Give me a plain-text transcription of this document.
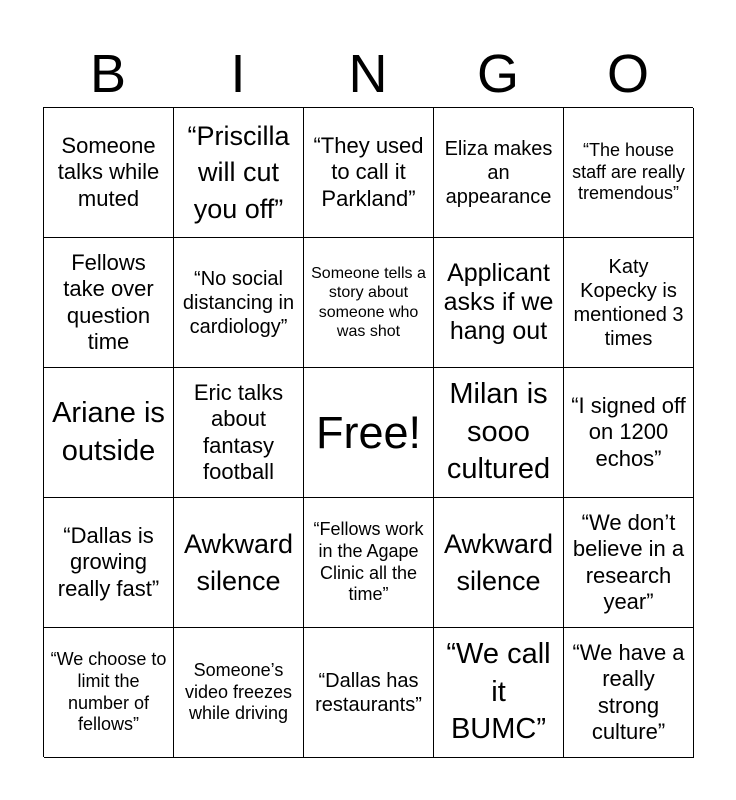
B	I	N	G	O
Someone talks while muted
“Priscilla will cut you off”
“They used to call it Parkland”
Eliza makes an appearance
“The house staff are really tremendous”
Fellows take over question time
“No social distancing in cardiology”
Someone tells a story about someone who was shot
Applicant asks if we hang out
Katy Kopecky is mentioned 3 times
Ariane is outside
Eric talks about fantasy football
Free!
Milan is sooo cultured
“I signed off on 1200 echos”
“Dallas is growing really fast”
Awkward silence
“Fellows work in the Agape Clinic all the time”
Awkward silence
“We don’t believe in a research year”
“We choose to limit the number of fellows”
Someone’s video freezes while driving
“Dallas has restaurants”
“We call it BUMC”
“We have a really strong culture”
